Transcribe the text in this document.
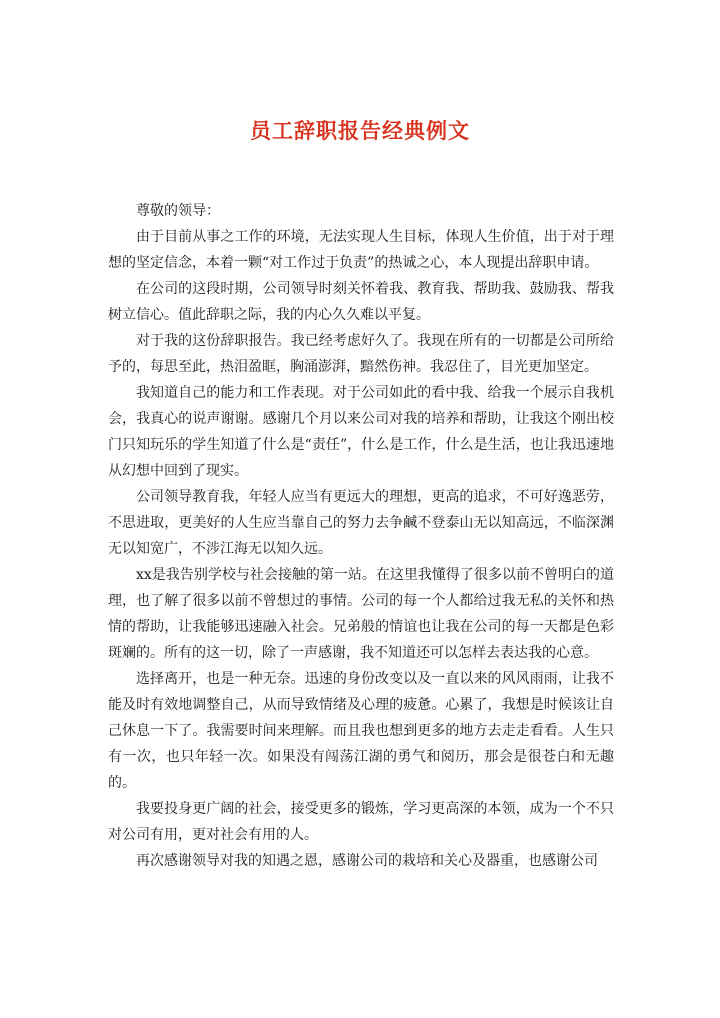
员工辞职报告经典例文

尊敬的领导：

由于目前从事之工作的环境，无法实现人生目标，体现人生价值，出于对于理想的坚定信念，本着一颗“对工作过于负责”的热诚之心，本人现提出辞职申请。

在公司的这段时期，公司领导时刻关怀着我、教育我、帮助我、鼓励我、帮我树立信心。值此辞职之际，我的内心久久难以平复。

对于我的这份辞职报告。我已经考虑好久了。我现在所有的一切都是公司所给予的，每思至此，热泪盈眶，胸涌澎湃，黯然伤神。我忍住了，目光更加坚定。

我知道自己的能力和工作表现。对于公司如此的看中我、给我一个展示自我机会，我真心的说声谢谢。感谢几个月以来公司对我的培养和帮助，让我这个刚出校门只知玩乐的学生知道了什么是“责任”，什么是工作，什么是生活，也让我迅速地从幻想中回到了现实。

公司领导教育我，年轻人应当有更远大的理想，更高的追求，不可好逸恶劳，不思进取，更美好的人生应当靠自己的努力去争鹹不登泰山无以知高远，不临深渊无以知宽广，不涉江海无以知久远。

xx是我告别学校与社会接触的第一站。在这里我懂得了很多以前不曾明白的道理，也了解了很多以前不曾想过的事情。公司的每一个人都给过我无私的关怀和热情的帮助，让我能够迅速融入社会。兄弟般的情谊也让我在公司的每一天都是色彩斑斓的。所有的这一切，除了一声感谢，我不知道还可以怎样去表达我的心意。

选择离开，也是一种无奈。迅速的身份改变以及一直以来的风风雨雨，让我不能及时有效地调整自己，从而导致情绪及心理的疲惫。心累了，我想是时候该让自己休息一下了。我需要时间来理解。而且我也想到更多的地方去走走看看。人生只有一次，也只年轻一次。如果没有闯荡江湖的勇气和阅历，那会是很苍白和无趣的。

我要投身更广阔的社会，接受更多的锻炼，学习更高深的本领，成为一个不只对公司有用，更对社会有用的人。

再次感谢领导对我的知遇之恩，感谢公司的栽培和关心及器重，也感谢公司
